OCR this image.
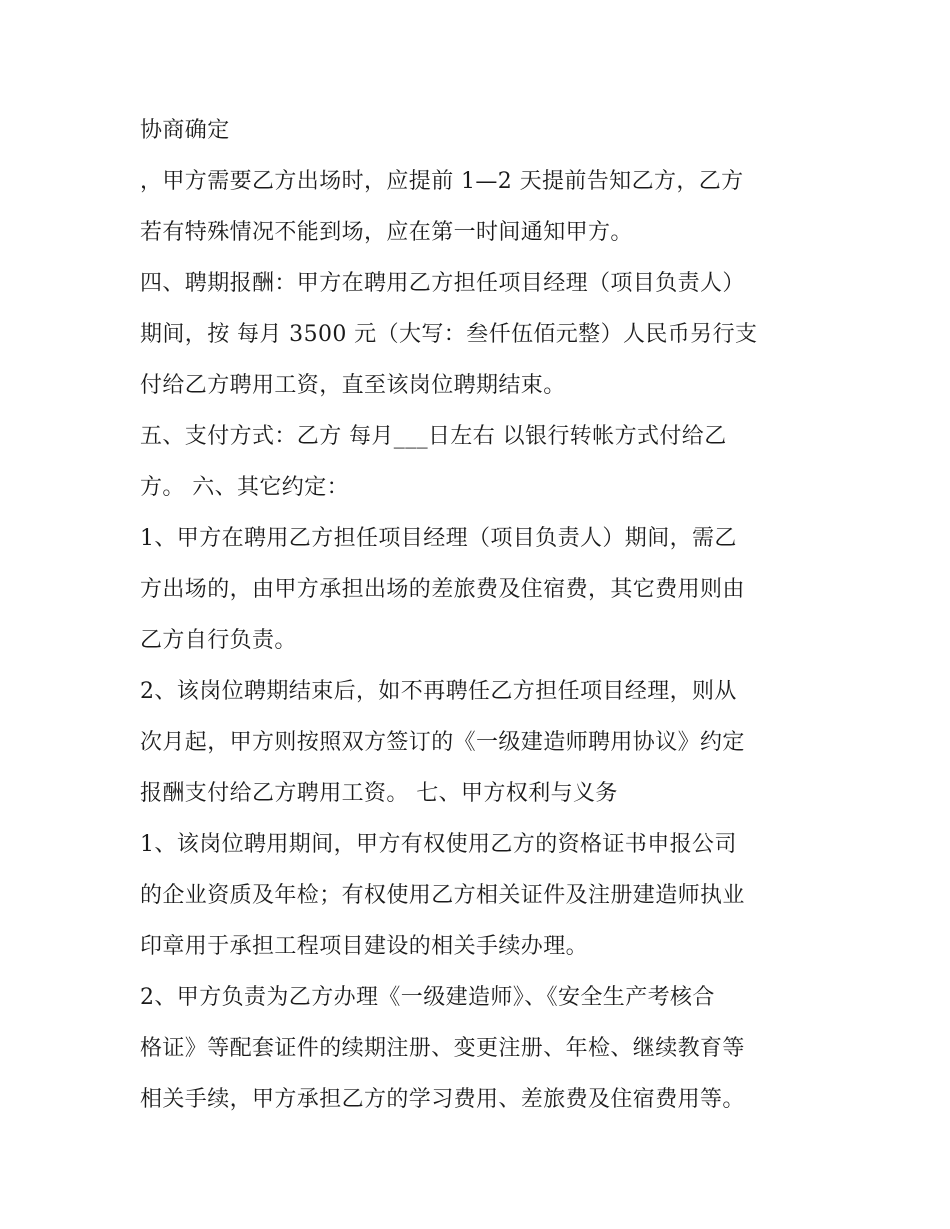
协商确定
，甲方需要乙方出场时，应提前 1—2 天提前告知乙方，乙方
若有特殊情况不能到场，应在第一时间通知甲方。
四、聘期报酬：甲方在聘用乙方担任项目经理（项目负责人）
期间，按 每月 3500 元（大写：叁仟伍佰元整）人民币另行支
付给乙方聘用工资，直至该岗位聘期结束。
五、支付方式：乙方 每月___日左右 以银行转帐方式付给乙
方。 六、其它约定：
1、甲方在聘用乙方担任项目经理（项目负责人）期间，需乙
方出场的，由甲方承担出场的差旅费及住宿费，其它费用则由
乙方自行负责。
2、该岗位聘期结束后，如不再聘任乙方担任项目经理，则从
次月起，甲方则按照双方签订的《一级建造师聘用协议》约定
报酬支付给乙方聘用工资。 七、甲方权利与义务
1、该岗位聘用期间，甲方有权使用乙方的资格证书申报公司
的企业资质及年检；有权使用乙方相关证件及注册建造师执业
印章用于承担工程项目建设的相关手续办理。
2、甲方负责为乙方办理《一级建造师》、《安全生产考核合
格证》等配套证件的续期注册、变更注册、年检、继续教育等
相关手续，甲方承担乙方的学习费用、差旅费及住宿费用等。
